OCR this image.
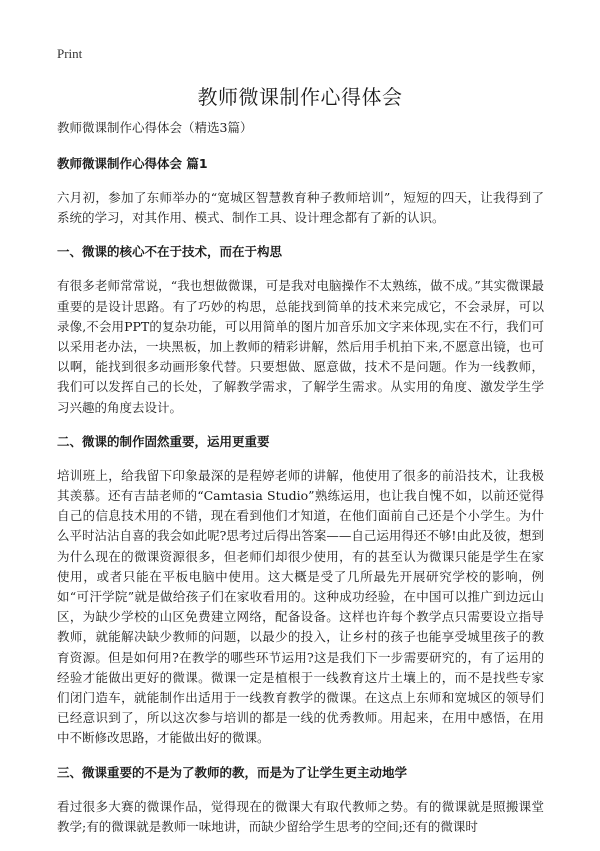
Print
教师微课制作心得体会

教师微课制作心得体会（精选3篇）

教师微课制作心得体会 篇1

六月初，参加了东师举办的“宽城区智慧教育种子教师培训”，短短的四天，让我得到了系统的学习，对其作用、模式、制作工具、设计理念都有了新的认识。

一、微课的核心不在于技术，而在于构思

有很多老师常常说，“我也想做微课，可是我对电脑操作不太熟练，做不成。”其实微课最重要的是设计思路。有了巧妙的构思，总能找到简单的技术来完成它，不会录屏，可以录像,不会用PPT的复杂功能，可以用简单的图片加音乐加文字来体现,实在不行，我们可以采用老办法，一块黑板，加上教师的精彩讲解，然后用手机拍下来,不愿意出镜，也可以啊，能找到很多动画形象代替。只要想做、愿意做，技术不是问题。作为一线教师，我们可以发挥自己的长处，了解教学需求，了解学生需求。从实用的角度、激发学生学习兴趣的角度去设计。

二、微课的制作固然重要，运用更重要

培训班上，给我留下印象最深的是程婷老师的讲解，他使用了很多的前沿技术，让我极其羡慕。还有吉喆老师的“Camtasia Studio”熟练运用，也让我自愧不如，以前还觉得自己的信息技术用的不错，现在看到他们才知道，在他们面前自己还是个小学生。为什么平时沾沾自喜的我会如此呢?思考过后得出答案——自己运用得还不够!由此及彼，想到为什么现在的微课资源很多，但老师们却很少使用，有的甚至认为微课只能是学生在家使用，或者只能在平板电脑中使用。这大概是受了几所最先开展研究学校的影响，例如“可汗学院”就是做给孩子们在家收看用的。这种成功经验，在中国可以推广到边远山区，为缺少学校的山区免费建立网络，配备设备。这样也许每个教学点只需要设立指导教师，就能解决缺少教师的问题，以最少的投入，让乡村的孩子也能享受城里孩子的教育资源。但是如何用?在教学的哪些环节运用?这是我们下一步需要研究的，有了运用的经验才能做出更好的微课。微课一定是植根于一线教育这片土壤上的，而不是找些专家们闭门造车，就能制作出适用于一线教育教学的微课。在这点上东师和宽城区的领导们已经意识到了，所以这次参与培训的都是一线的优秀教师。用起来，在用中感悟，在用中不断修改思路，才能做出好的微课。

三、微课重要的不是为了教师的教，而是为了让学生更主动地学

看过很多大赛的微课作品，觉得现在的微课大有取代教师之势。有的微课就是照搬课堂教学;有的微课就是教师一味地讲，而缺少留给学生思考的空间;还有的微课时
